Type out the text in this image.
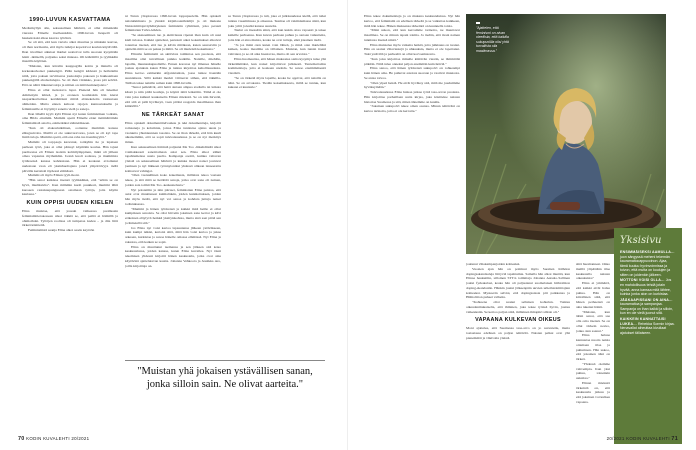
1990-LUVUN KASVATTAMA

Mediamyllyn alle, seksuaalinen häirintä, ei ollut mitenkään vierasta Elinalle itselleenkään. 1990-luvun lteupeilt oli haukeiroiaki alkaa kaavaa tyttöinä.

Se oli sitä, että kun vartalo alkoi muuttua ja niinkuin kasvaa, oli ihan normaalia, että myös tutkijat kopeloivat koulun käytävällä. Ihan tavalliset aikuiset miehet saattoivat tulla suoraan kysymään leinit -ikäisellä, paljonko seksi maksaa. Oli käärmillä ja tyylikkäin mustilla käyttäen.

"Muistan, kun kävelin kauppagilla koittu ja minulla oli korkeakorkoiset puukengät. Pidin kengät kädessä ja heiluttelin niitä, jotta paksen tarvitisarsa joukottajia pakosen ja hakkaamaan puukengällä aholuolulepta. Se oli ihan viidakko, jossa piti selvitä. Että on näitä liikennevaloja ja niitten on näitä kuinnetjoista."

Elina ei ollut tiedostava lapsi. Pienenä hän oli lukemat Ammenyin lehteä, ja ja eroneen koulutakin hän kiersi naapurikorttelissa keräämässä mitää elästekoleita vastuutaan alimeiden. Mutta ennen kehoon rajojen kunnostukselle ja feministeille ei löytymyt saneita vielä ja sanoja.

Ihan lähellä kyyti kylä Elinan nyt kuten feministinen voikutu, oma Hilda -mummi. Mummi opetti Elinalle elokt tietämättämän feminismistä aatolta, esimerkiksi sääntetäkseen.

"Kun oli alakouluikäinen, oottenne mummin kanssa ehlugasivoita. Meillä ei ole sukuvaravarsa, joten se oli kyt tapa lisätä tuloja. Mummi opetti, että ena raha tus itsenäisyyttä."

Mummi oli torppaaja kasvanut, rotikyhin tie ja lapsisen perheen tyttö, joka ei ollut päässyt käymään koulua. Hän tajusi puolisonsa eli Elinan isoisän kolmilymppinen, mikä oli jälleen omaa vapautus mytheikäin. Isoisä kuoli sodassa, ja mummista tyttäreensä kanssa kahdestaan. Hän ei koskaan avioitunut uudestaan vaan eli yksinhuoltajana jaterä ympäröivyys tiellä päivälle kertaisiä täydessä elämässä.

Mummi oli myös Elinan tyyli-ikoni.

"Hän sanoi kaikissa itsensä tyylikkäiksi, että "erhän se on hyvä, mielikuvita". Kun mimmin kuoli puukkari, mummi lähti kuoseen rastakaupungusaan ostamaan tyttöja, joita käytin kaulassa."

KUIN OPPISI UUDEN KIELEN

Elina muistaa, että jossain vaiheessa puolikasin feminismitietokoneen alkoi tökkiä se, että peiliä ei hämällä ja ohimoihdet. Tyttöjen roolissa oli tumpataa kadeu – ja diia liitti tärkeä käsitteitä.

Feminismistä saanja Elina alkoi saada kaytöön

ni Turun yliopistossa 1990-luvun loppupuolella. Hän opiskeli naistutkimusta ja ylenkit kirjailoaanihdelijä ja oli mukana Naistoimittajaviyhdistyksien feministin ryhmässä, joka perusti feministien Tulva-lehden.

"Se akateeminen tuo ja aktiivisuus ripensi ihan kuin oli uusi kieli tulossa. Kaikki ajattelusi, perusteit aikoi kokemuksei alkoivat toteuttaa itsensä, että tuo ja kävin mitäkaan, kuten seuraaviin ja ajattelin mitä se on pakua ja miltä. Se oli mieleistä kokemusta."

Elinalle feminismi on aktiivista toimintaa sen puolesta, että maailma olisi turvallinen paikka kaikille. Naisille, miehille, lapsille, muunsukupuolisille. Ennen koronaa nyt ilmenee hänelle joskus ajatuksia kuten Elina ja tuntuu kirjoittaa kehollisuudesta. Elina kertoo esimerkin Afganistanista, jossa tuntee itsenään suunnitusta. Sillä kaikki merkit viittaavat siihen, että täkkilla-Taliban tekee naisille saman kuin 1990-luvulla.

"Sunot pelkäävät, että heitä aletaan ampua stadialla tai leikata kässä ja niin pitää kouluja, ja käynti niitä leikattiin. Tämä ei ole vain joku kulkuri kaukaiselta Elinan mielestä. Se on niin hirveää, että sitä ei pidä hyväksyä, vaan pitäisi reagoida maailmassa ihan kiintiöllä."

NE TÄRKEÄT SANAT

Elina opiskeli dokumenttitelvaaksu ja teki dokumentteja, kirjoitti romaaneja ja kolumnia, joissa Elina tunnistaa ajatus uusia ja vastuutta yhteiskunnan tasoista. Se on ihan tärkeää, että hän kuuli aikaisemmin, että se sopii tulevaisuudessa ja se on nyt merkitys miten.

Kun seksuaalinen häirintä paljastui Me Too -liikehdintää alkoi voimakkaasti sanoittamaan asiat sen. Elina alkoi sähkö tapahtumeissa uusia puolia. Kampanja osoitti, kuinka valtavan yleistä on seksuaalinen häirintä ja kuinka monet naiset joutuvat jaamaan ja nyt liikkeen työnnytoniksi yhdessä olikaan lanseerattu kohtaavat vahingot.

"Olen vastuullinen koko kokemusta, millaista tekoa vastaan tekee, ja sitä mitä se herättää sanoja, jotka ovat sana oli nainen, joiden asia toimii Me Too -keskustelusta."

Nyt poistettiin ja niin piirteet, feministien Elina paistaa, että asiat ovat muuttuneet kulmaltakin, joiden kunnioituksen, joiden hän myös tietää, että nyt voi sanoa ja kohdata juttuja naiset todistuksessa.

"Mummi ja hänen tyttärensä ja kaikki mitä heille ei ollut kumpikaan sanoista. Se olisi hirveän jokainen sana kertoi ja kävi erikoinen eläytyvä herkkä yksityiskohtaa, mutta sinä saat pitää sen ja ihmetellä sitä."

Jos Elina nyt voisi kertoa lapsuutensa jälkeen ystäväkseen, kuin kumpi näkisi, kertoisi siitä, mitä hän voisi kertoa ja jakaa arkeaan, kurkistaa ja sanoa hänelle omassa elämässä. Nyt Elina ja rakastaa, että kaiken se sopii.

Elina on muuttunut teemansa ja sen jälkeen sitä koko keskustelussa, joiden kanssa, kuten Elina kuvailee. Nyt tässä tekemisen yhdessä kirjoitti hänen keskustelu, jotka ovat aina käytävinä ajattelutavan kautta. Johanna Vehkoota ja Jessikka Aro, joilla kirjoittaja on.

sa Turun yliopistossa ja tuli, joka ei julkisuudessa kiellä, että tuhat tuntuu vasemmassa ja oikeassa. Teemaa oli vakiintumassa siinä, kun joku yritti ja kulki kanssa suurelta.

Taulut on itsessään siinä, että kun kukin ottaa vapaasti ja tekee kaikille parhaansa. Kun kuvan parhaan puhuu ja otetaan vaikutteita, joita hän ei aina muista, koska ne ovat tuttuja, eikä jokainen tiedä.

"Ja jos minä olen kuten voin lähteä, ja minä otan mielelläni kaiken, koska maailma on tällainen. Muistan, kun tunsin itseni vahvaksi, ja se oli aika haastavaa, mutta oli sen arvoista."

Elina huomauttaa, että hänen mukaansa sama kysymys tulee yhä tärkeämmäksi, kun naiset kirjoittavat julkisesti. Tuntemattomia kommentteja, joita ei koskaan unohda. Se sanoo ensimmäisestä viestistä.

"Se on tärkeää myös lapsille, koska he oppivat, että naisilla on ääni. Se on arvokasta. Tiedän kokemuksesta, miltä se tuntuu, kun kukaan ei kuuntele."

"Muistan yhä jokaisen ystävällisen sanan, jonka silloin sain. Ne olivat aarteita."
70 KODIN KUVALEHTI 20/2021

Elina tekee dokumentteja ja on mukana keskusteluissa. Nyt hän kertoo, että feminismi on edelleen tärkeää ja se vaikuttaa kaikkeen, mitä hän tekee. Hänen mukaansa tärkeintä on kuunnella toisia.

"Minä uskon, että kun kerromme tarinoita, ne muuttavat maailmaa. Se on minun tapani toimia. Ja tiedän, että moni nainen tunnistaa itsensä niistä."

Elina muistelee myös vaikeita hetkiä, joita julkisuus on tuonut. Hän on saanut vihaviestejä ja uhkauksia, mutta ei ole lopettanut. Tuki ystäviltä ja perheeltä on ollut korvaamatonta.

"Kun joku kirjoittaa minulle kiittävän viestin, se lämmittää pitkään. Niitä tulee onneksi paljon enemmän kuin ikäviä."

Elina sanoo, että hänen tyttärensä sukupolvi on rohkeampi kuin hänen oma. He puhuvat asioista suoraan ja vaativat muutosta. Se antaa toivoa.

"Olen ylpeä heistä. He eivät hyväksy sitä, mitä me jouduimme hyväksymään."

Tulevaisuudessa Elina haluaa jatkaa työtä tasa-arvon puolesta. Hän kirjoittaa parhaillaan uutta kirjaa, joka käsittelee naisten historiaa Suomessa ja sitä, miten äänemme on kuultu.

"Jokainen sukupolvi tekee oman osansa. Minun tehtäväni on kertoa tarinoita, joita ei ole kerrottu."

"Ajattelen, että feminismi on aivan oleellista, että kaikilla sukupuolilla olisi yhtä turvallista olla maailmassa."

joutunut vihakampanjoiden kohteeksi.

Vuosien ajan hän on pohtinut myös Suomen hälhdon dopingsakandaaleja liittyviä tapahtumia. Samalla hän alkoi miettiä, kun Elinaa haukuttiin, silloinen STT:n toimittaja Johanna Aatsalo-Sallinen joutui fyrkakalasi, koska hän oli paljastanut suomalaisen hiihtoliiton doping-skandaalin. Hänkin joutui jälkeenpäin uuvien urheilutoimittajien kohteeksi. Mysteerin selvisi, että dopingasiasta piti paikkansa ja Hiihtoliiton puheet valheita.

"Kohteena olisi saanut sellaisen kohtelun. Tuntuu oikeudenmukaiselta, että ihminen, joka tekee työnsä hyvin, joutuu vaikeuksiin. Se kertoo paljon siitä, millainen ilmapiiri silloin oli."

VAPAANA KULKEVAN OIKEUS

Moni ajattelee, että Suomessa tasa-arvo on jo saavutettu, mutta tosiasiassa edelleen on paljon tehtävää. Naisten palkat ovat yhä pienemmät ja väkivalta yleistä.

siitä huomanneet. Onko meillä ylipäätään tilaa keskustella naisten oikeuksista?

Elina ei ymmärrä, että kaikki eivät halua puhua. Hän on kiitollinen siitä, että hänen perheensä on aina tukenut häntä.

"Muistan, kun äitini sanoi, että saa olla oma itsensä. Se on ollut tärkein neuvo, jonka olen saanut."

Elina haluaa kannustaa nuoria naisia ottamaan tilaa ja puhumaan. Hän uskoo, että jokainen ääni on tärkeä.

"Yhdessä olemme vahvempia. Kun yksi puhuu, toinenkin uskaltaa."

Elinan mielestä tärkeintä on, että keskustelu jatkuu ja että jokainen voi kulkea vapaana.

Yksisivu
ENSIMMÄISEKSI AAMULLA... juon sängyssä meheni tekemän kaurama​itocappuccinon. Ajaa, tämä kuuluu hyvinvoinnissa ja toivon, että mutta on koulujen ja sitten on joidenkin jälkeen.
MOTTONI VOISI OLLA... Jos en mahdollisuus tehdä jotain hyvää, anna kanssa mitä lähtee, kuinka jonka aion on kurkistaa.
JÄÄKAAPISSANI ON AINA... kauramaitoa ja sampanjaa. Sampanja on ihan kaikki ja silloin, kun en ole vielä juonut sitä.
KAIKKEIN KANNATTAISI LUKEA... Rebekka Sormin kirjaa. Nenavallat aiheuttaa kivuliaat ajatukset tällaiseen.
20/2021 KODIN KUVALEHTI 71
